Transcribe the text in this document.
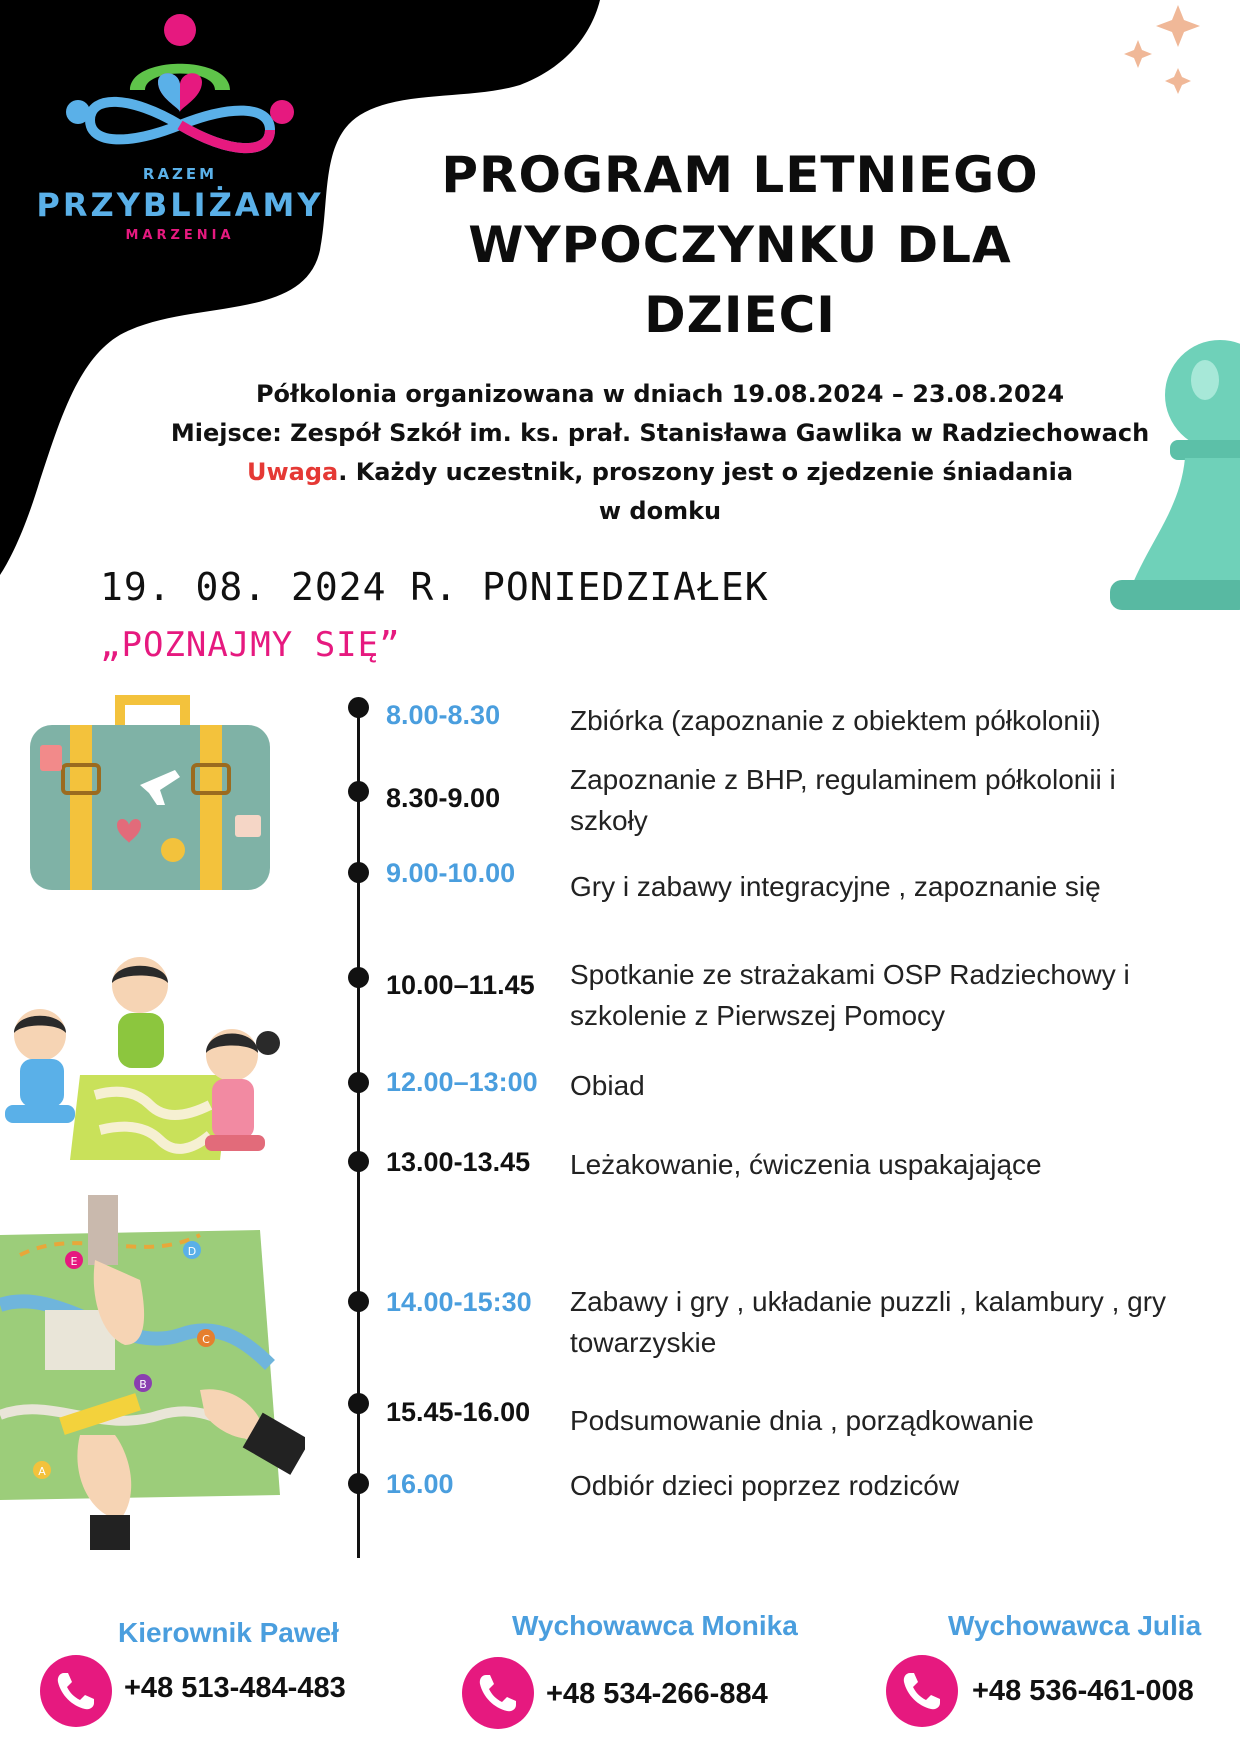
RAZEM
PRZYBLIŻAMY
MARZENIA
PROGRAM LETNIEGO
WYPOCZYNKU DLA
DZIECI
Półkolonia organizowana w dniach 19.08.2024 – 23.08.2024
Miejsce: Zespół Szkół im. ks. prał. Stanisława Gawlika w Radziechowach
Uwaga. Każdy uczestnik, proszony jest o zjedzenie śniadania
w domku
19. 08. 2024 R. PONIEDZIAŁEK
„POZNAJMY SIĘ”
E
D
C
B
A
8.00-8.30 Zbiórka (zapoznanie z obiektem półkolonii)
8.30-9.00
Zapoznanie z BHP, regulaminem półkolonii i szkoły
9.00-10.00 Gry i zabawy integracyjne , zapoznanie się
10.00–11.45 Spotkanie ze strażakami OSP Radziechowy i szkolenie z Pierwszej Pomocy
12.00–13:00 Obiad
13.00-13.45 Leżakowanie, ćwiczenia uspakajające
14.00-15:30 Zabawy i gry , układanie puzzli , kalambury , gry towarzyskie
15.45-16.00 Podsumowanie dnia , porządkowanie
16.00	Odbiór dzieci poprzez rodziców
Kierownik Paweł
+48 513-484-483
Wychowawca Monika
+48 534-266-884
Wychowawca Julia
+48 536-461-008
